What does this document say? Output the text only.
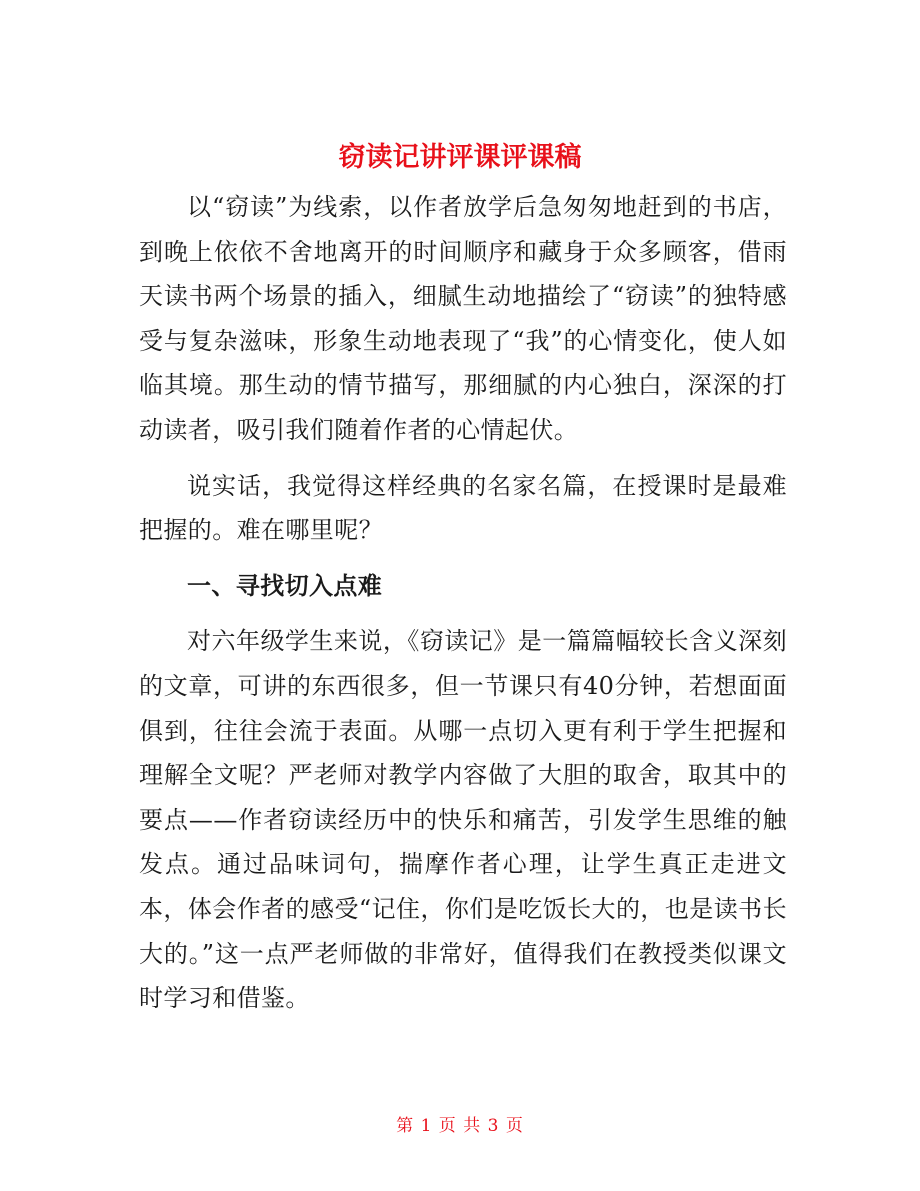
窃读记讲评课评课稿

以“窃读”为线索，以作者放学后急匆匆地赶到的书店，到晚上依依不舍地离开的时间顺序和藏身于众多顾客，借雨天读书两个场景的插入，细腻生动地描绘了“窃读”的独特感受与复杂滋味，形象生动地表现了“我”的心情变化，使人如临其境。那生动的情节描写，那细腻的内心独白，深深的打动读者，吸引我们随着作者的心情起伏。

说实话，我觉得这样经典的名家名篇，在授课时是最难把握的。难在哪里呢？

一、寻找切入点难

对六年级学生来说，《窃读记》是一篇篇幅较长含义深刻的文章，可讲的东西很多，但一节课只有40分钟，若想面面俱到，往往会流于表面。从哪一点切入更有利于学生把握和理解全文呢？严老师对教学内容做了大胆的取舍，取其中的要点——作者窃读经历中的快乐和痛苦，引发学生思维的触发点。通过品味词句，揣摩作者心理，让学生真正走进文本，体会作者的感受“记住，你们是吃饭长大的，也是读书长大的。”这一点严老师做的非常好，值得我们在教授类似课文时学习和借鉴。

第 1 页 共 3 页
